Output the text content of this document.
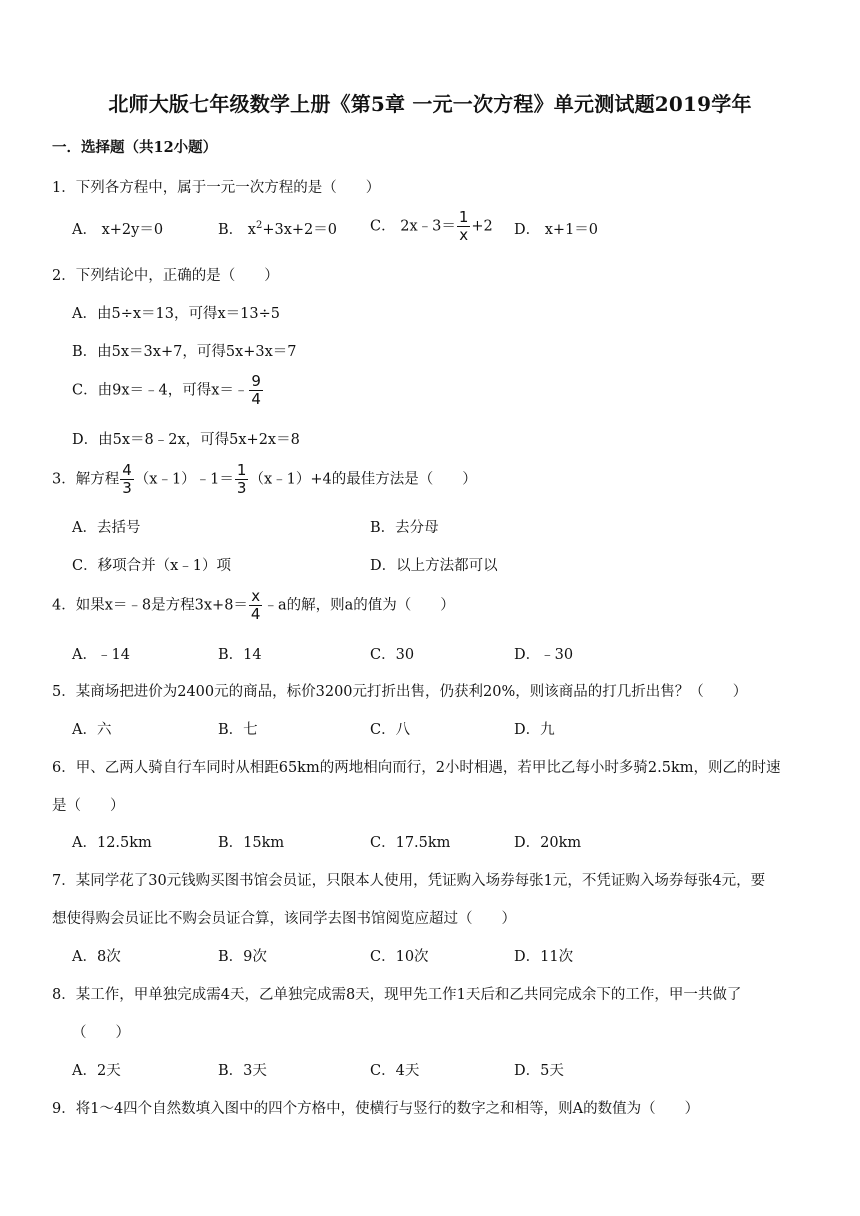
北师大版七年级数学上册《第5章 一元一次方程》单元测试题2019学年
一．选择题（共12小题）
1．下列各方程中，属于一元一次方程的是（　　）
A． x+2y＝0	B． $x^2+3x+2=0$ C． 2x﹣3＝ $\frac{1}{x} +2$ D． x+1＝0
2．下列结论中，正确的是（　　）
A．由5÷x＝13，可得x＝13÷5
B．由5x＝3x+7，可得5x+3x＝7
C．由9x＝﹣4，可得x＝﹣ $\frac{9}{4}$
D．由5x＝8﹣2x，可得5x+2x＝8
3．解方程 $\frac{4}{3}$ （x﹣1）﹣1＝ $\frac{1}{3}$ （x﹣1）+4的最佳方法是（　　）
A．去括号	B．去分母
C．移项合并（x﹣1）项	D．以上方法都可以
4．如果x＝﹣8是方程$3x+8= \frac{x}{4}$ ﹣a的解，则a的值为（　　）
A．﹣14	B．14	C．30	D．﹣30
5．某商场把进价为2400元的商品，标价3200元打折出售，仍获利20%，则该商品的打几折出售？（　　）
A．六	B．七	C．八	D．九
6．甲、乙两人骑自行车同时从相距65km的两地相向而行，2小时相遇，若甲比乙每小时多骑2.5km，则乙的时速
是（　　）
A．12.5km	B．15km	C．17.5km	D．20km
7．某同学花了30元钱购买图书馆会员证，只限本人使用，凭证购入场券每张1元，不凭证购入场券每张4元，要
想使得购会员证比不购会员证合算，该同学去图书馆阅览应超过（　　）
A．8次	B．9次	C．10次	D．11次
8．某工作，甲单独完成需4天，乙单独完成需8天，现甲先工作1天后和乙共同完成余下的工作，甲一共做了
（　　）
A．2天	B．3天	C．4天	D．5天
9．将1～4四个自然数填入图中的四个方格中，使横行与竖行的数字之和相等，则A的数值为（　　）
